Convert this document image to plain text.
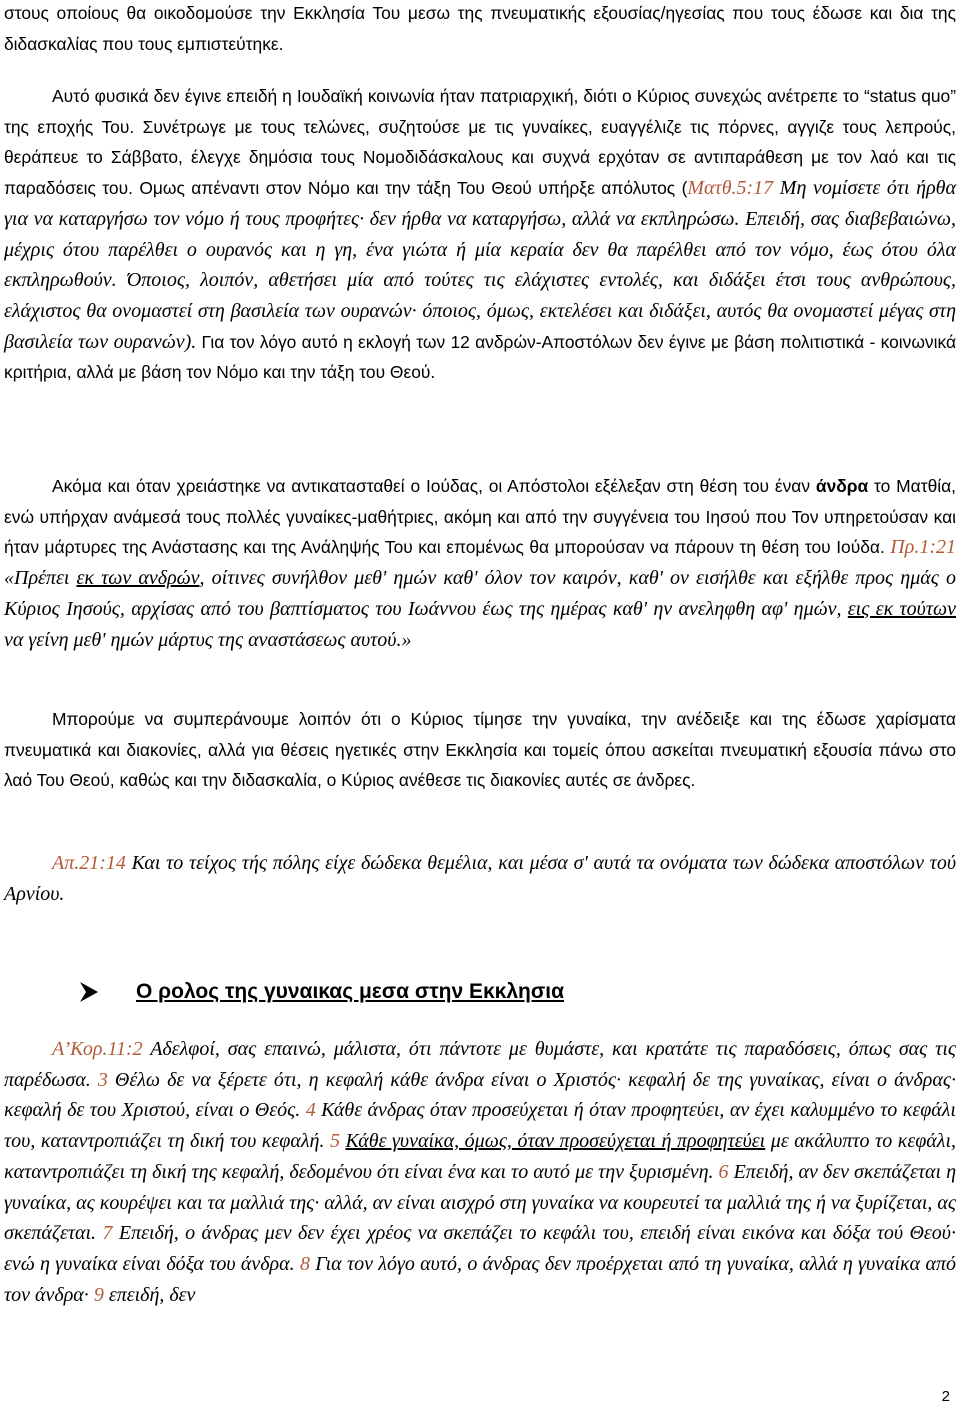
στους οποίους θα οικοδομούσε την Εκκλησία Του μεσω της πνευματικής εξουσίας/ηγεσίας που τους έδωσε και δια της διδασκαλίας που τους εμπιστεύτηκε.
Αυτό φυσικά δεν έγινε επειδή η Ιουδαϊκή κοινωνία ήταν πατριαρχική, διότι ο Κύριος συνεχώς ανέτρεπε το “status quo” της εποχής Του. Συνέτρωγε με τους τελώνες, συζητούσε με τις γυναίκες, ευαγγέλιζε τις πόρνες, αγγιζε τους λεπρούς, θεράπευε το Σάββατο, έλεγχε δημόσια τους Νομοδιδάσκαλους και συχνά ερχόταν σε αντιπαράθεση με τον λαό και τις παραδόσεις του. Ομως απέναντι στον Νόμο και την τάξη Του Θεού υπήρξε απόλυτος (Ματθ.5:17 Μη νομίσετε ότι ήρθα για να καταργήσω τον νόμο ή τους προφήτες· δεν ήρθα να καταργήσω, αλλά να εκπληρώσω. Επειδή, σας διαβεβαιώνω, μέχρις ότου παρέλθει ο ουρανός και η γη, ένα γιώτα ή μία κεραία δεν θα παρέλθει από τον νόμο, έως ότου όλα εκπληρωθούν. Όποιος, λοιπόν, αθετήσει μία από τούτες τις ελάχιστες εντολές, και διδάξει έτσι τους ανθρώπους, ελάχιστος θα ονομαστεί στη βασιλεία των ουρανών· όποιος, όμως, εκτελέσει και διδάξει, αυτός θα ονομαστεί μέγας στη βασιλεία των ουρανών). Για τον λόγο αυτό η εκλογή των 12 ανδρών-Αποστόλων δεν έγινε με βάση πολιτιστικά - κοινωνικά κριτήρια, αλλά με βάση τον Νόμο και την τάξη του Θεού.
Ακόμα και όταν χρειάστηκε να αντικατασταθεί ο Ιούδας, οι Απόστολοι εξέλεξαν στη θέση του έναν άνδρα το Ματθία, ενώ υπήρχαν ανάμεσά τους πολλές γυναίκες-μαθήτριες, ακόμη και από την συγγένεια του Ιησού που Τον υπηρετούσαν και ήταν μάρτυρες της Ανάστασης και της Ανάληψής Του και επομένως θα μπορούσαν να πάρουν τη θέση του Ιούδα. Πρ.1:21 «Πρέπει εκ των ανδρών, οίτινες συνήλθον μεθ' ημών καθ' όλον τον καιρόν, καθ' ον εισήλθε και εξήλθε προς ημάς ο Κύριος Ιησούς, αρχίσας από του βαπτίσματος του Ιωάννου έως της ημέρας καθ' ην ανεληφθη αφ' ημών, εις εκ τούτων να γείνη μεθ' ημών μάρτυς της αναστάσεως αυτού.»
Μπορούμε να συμπεράνουμε λοιπόν ότι ο Κύριος τίμησε την γυναίκα, την ανέδειξε και της έδωσε χαρίσματα πνευματικά και διακονίες, αλλά για θέσεις ηγετικές στην Εκκλησία και τομείς όπου ασκείται πνευματική εξουσία πάνω στο λαό Του Θεού, καθώς και την διδασκαλία, ο Κύριος ανέθεσε τις διακονίες αυτές σε άνδρες.
Απ.21:14 Και το τείχος τής πόλης είχε δώδεκα θεμέλια, και μέσα σ' αυτά τα ονόματα των δώδεκα αποστόλων τού Αρνίου.
Ο ρολος της γυναικας μεσα στην Εκκλησια
Α’Κορ.11:2 Αδελφοί, σας επαινώ, μάλιστα, ότι πάντοτε με θυμάστε, και κρατάτε τις παραδόσεις, όπως σας τις παρέδωσα. 3 Θέλω δε να ξέρετε ότι, η κεφαλή κάθε άνδρα είναι ο Χριστός· κεφαλή δε της γυναίκας, είναι ο άνδρας· κεφαλή δε του Χριστού, είναι ο Θεός. 4 Κάθε άνδρας όταν προσεύχεται ή όταν προφητεύει, αν έχει καλυμμένο το κεφάλι του, καταντροπιάζει τη δική του κεφαλή. 5 Κάθε γυναίκα, όμως, όταν προσεύχεται ή προφητεύει με ακάλυπτο το κεφάλι, καταντροπιάζει τη δική της κεφαλή, δεδομένου ότι είναι ένα και το αυτό με την ξυρισμένη. 6 Επειδή, αν δεν σκεπάζεται η γυναίκα, ας κουρέψει και τα μαλλιά της· αλλά, αν είναι αισχρό στη γυναίκα να κουρευτεί τα μαλλιά της ή να ξυρίζεται, ας σκεπάζεται. 7 Επειδή, ο άνδρας μεν δεν έχει χρέος να σκεπάζει το κεφάλι του, επειδή είναι εικόνα και δόξα τού Θεού· ενώ η γυναίκα είναι δόξα του άνδρα. 8 Για τον λόγο αυτό, ο άνδρας δεν προέρχεται από τη γυναίκα, αλλά η γυναίκα από τον άνδρα· 9 επειδή, δεν
2
